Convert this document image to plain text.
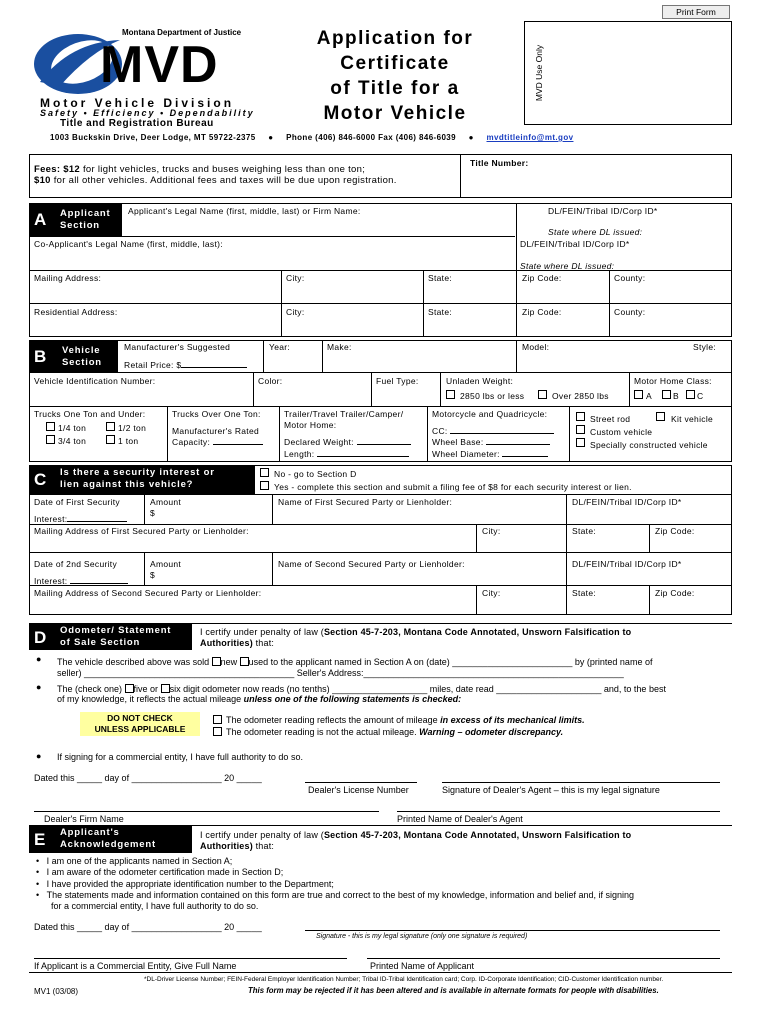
Print Form
Montana Department of Justice
MVD
Motor Vehicle Division
Safety • Efficiency • Dependability
Title and Registration Bureau
Application for
Certificate
of Title for a
Motor Vehicle
MVD Use Only
1003 Buckskin Drive, Deer Lodge, MT 59722-2375 ● Phone (406) 846-6000 Fax (406) 846-6039 ● mvdtitleinfo@mt.gov
Fees: $12 for light vehicles, trucks and buses weighing less than one ton;
$10 for all other vehicles. Additional fees and taxes will be due upon registration.
Title Number:
A Applicant
Section
Applicant's Legal Name (first, middle, last) or Firm Name:	DL/FEIN/Tribal ID/Corp ID*
State where DL issued:
Co-Applicant's Legal Name (first, middle, last):	DL/FEIN/Tribal ID/Corp ID*
State where DL issued:
Mailing Address:	City:	State:	Zip Code:	County:
Residential Address:	City:	State:	Zip Code:	County:
B Vehicle
Section
Manufacturer's Suggested
Retail Price: $
Year:	Make:	Model:	Style:
Vehicle Identification Number:	Color:	Fuel Type:	Unladen Weight:	Motor Home Class:
2850 lbs or less	Over 2850 lbs	A B C
Trucks One Ton and Under:
1/4 ton	1/2 ton
3/4 ton	1 ton
Trucks Over One Ton:
Manufacturer's Rated
Capacity:
Trailer/Travel Trailer/Camper/
Motor Home:
Declared Weight:
Length:
Motorcycle and Quadricycle:
CC:
Wheel Base:
Wheel Diameter:
Street rod	Kit vehicle
Custom vehicle
Specially constructed vehicle
C Is there a security interest or
lien against this vehicle?
No - go to Section D
Yes - complete this section and submit a filing fee of $8 for each security interest or lien.
Date of First Security
Interest:
Amount
$
Name of First Secured Party or Lienholder:	DL/FEIN/Tribal ID/Corp ID*
Mailing Address of First Secured Party or Lienholder:	City:	State:	Zip Code:
Date of 2nd Security
Interest:
Amount
$
Name of Second Secured Party or Lienholder:	DL/FEIN/Tribal ID/Corp ID*
Mailing Address of Second Secured Party or Lienholder:	City:	State:	Zip Code:
D Odometer/ Statement
of Sale Section
I certify under penalty of law (Section 45-7-203, Montana Code Annotated, Unsworn Falsification to
Authorities) that:
● The vehicle described above was sold new used to the applicant named in Section A on (date) ________________________ by (printed name of
seller) __________________________________________ Seller's Address:____________________________________________________
● The (check one) five or six digit odometer now reads (no tenths) ___________________ miles, date read _____________________ and, to the best
of my knowledge, it reflects the actual mileage unless one of the following statements is checked:
DO NOT CHECK
UNLESS APPLICABLE
The odometer reading reflects the amount of mileage in excess of its mechanical limits.
The odometer reading is not the actual mileage. Warning – odometer discrepancy.
● If signing for a commercial entity, I have full authority to do so.
Dated this _____ day of __________________ 20 _____
Dealer's License Number	Signature of Dealer's Agent – this is my legal signature
Dealer's Firm Name	Printed Name of Dealer's Agent
E Applicant's
Acknowledgement
I certify under penalty of law (Section 45-7-203, Montana Code Annotated, Unsworn Falsification to
Authorities) that:
•   I am one of the applicants named in Section A;
•   I am aware of the odometer certification made in Section D;
•   I have provided the appropriate identification number to the Department;
•   The statements made and information contained on this form are true and correct to the best of my knowledge, information and belief and, if signing
for a commercial entity, I have full authority to do so.
Dated this _____ day of __________________ 20 _____
Signature - this is my legal signature (only one signature is required)
If Applicant is a Commercial Entity, Give Full Name	Printed Name of Applicant
*DL-Driver License Number; FEIN-Federal Employer Identification Number; Tribal ID-Tribal Identification card; Corp. ID-Corporate Identification; CID-Customer Identification number.
MV1 (03/08)	This form may be rejected if it has been altered and is available in alternate formats for people with disabilities.
